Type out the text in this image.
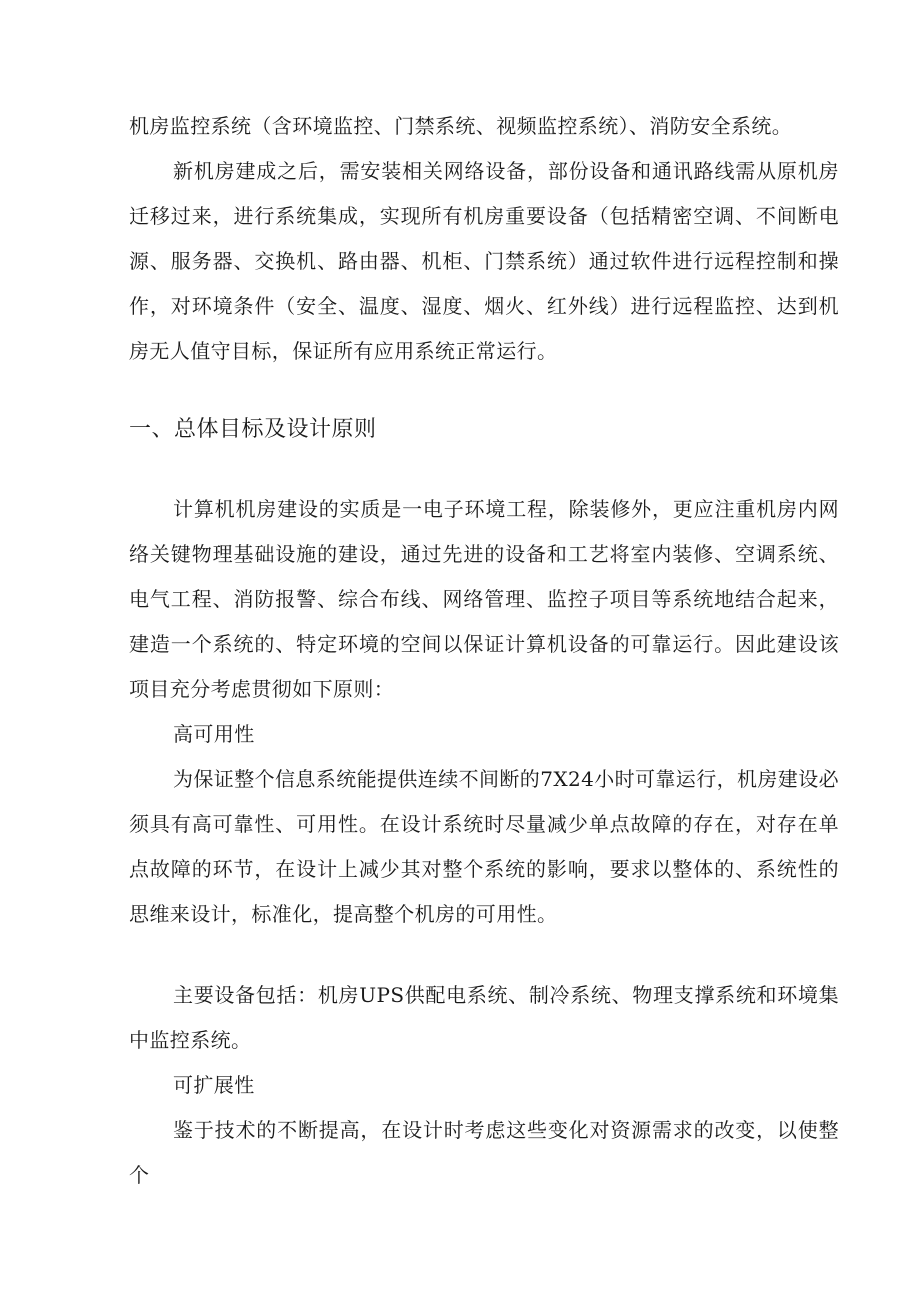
机房监控系统（含环境监控、门禁系统、视频监控系统）、消防安全系统。

新机房建成之后，需安装相关网络设备，部份设备和通讯路线需从原机房迁移过来，进行系统集成，实现所有机房重要设备（包括精密空调、不间断电源、服务器、交换机、路由器、机柜、门禁系统）通过软件进行远程控制和操作，对环境条件（安全、温度、湿度、烟火、红外线）进行远程监控、达到机房无人值守目标，保证所有应用系统正常运行。

一、总体目标及设计原则

计算机机房建设的实质是一电子环境工程，除装修外，更应注重机房内网络关键物理基础设施的建设，通过先进的设备和工艺将室内装修、空调系统、电气工程、消防报警、综合布线、网络管理、监控子项目等系统地结合起来，建造一个系统的、特定环境的空间以保证计算机设备的可靠运行。因此建设该项目充分考虑贯彻如下原则：

高可用性

为保证整个信息系统能提供连续不间断的7X24小时可靠运行，机房建设必须具有高可靠性、可用性。在设计系统时尽量减少单点故障的存在，对存在单点故障的环节，在设计上减少其对整个系统的影响，要求以整体的、系统性的思维来设计，标准化，提高整个机房的可用性。

主要设备包括：机房UPS供配电系统、制冷系统、物理支撑系统和环境集中监控系统。

可扩展性

鉴于技术的不断提高，在设计时考虑这些变化对资源需求的改变，以使整个
